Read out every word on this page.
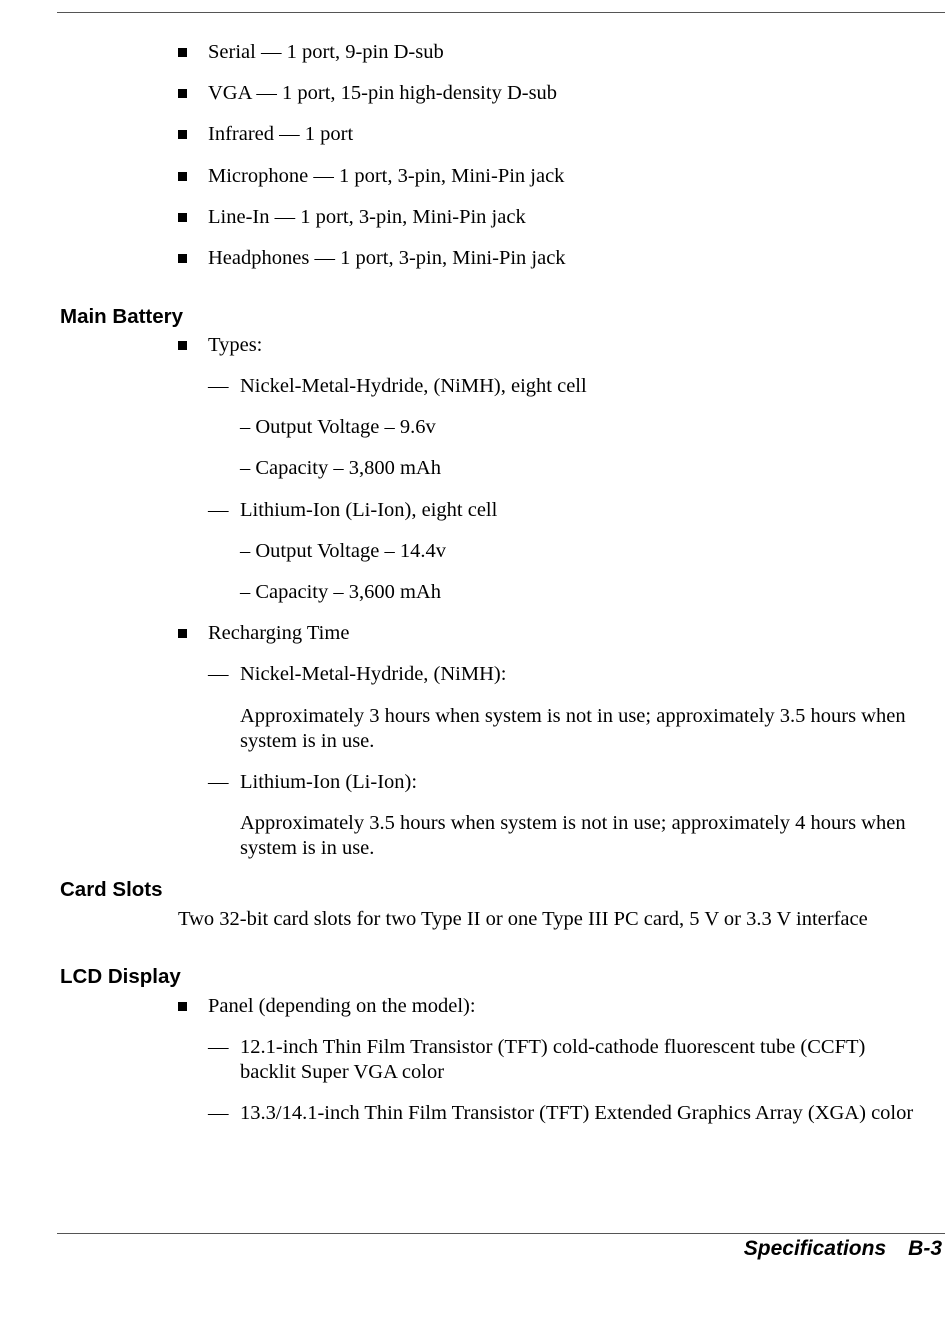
Serial — 1 port, 9-pin D-sub
VGA — 1 port, 15-pin high-density D-sub
Infrared — 1 port
Microphone — 1 port, 3-pin, Mini-Pin jack
Line-In — 1 port, 3-pin, Mini-Pin jack
Headphones — 1 port, 3-pin, Mini-Pin jack
Main Battery
Types:
— Nickel-Metal-Hydride, (NiMH), eight cell
– Output Voltage – 9.6v
– Capacity – 3,800 mAh
— Lithium-Ion (Li-Ion), eight cell
– Output Voltage – 14.4v
– Capacity – 3,600 mAh
Recharging Time
— Nickel-Metal-Hydride, (NiMH):
Approximately 3 hours when system is not in use; approximately 3.5 hours when system is in use.
— Lithium-Ion (Li-Ion):
Approximately 3.5 hours when system is not in use; approximately 4 hours when system is in use.
Card Slots
Two 32-bit card slots for two Type II or one Type III PC card, 5 V or 3.3 V interface
LCD Display
Panel (depending on the model):
— 12.1-inch Thin Film Transistor (TFT) cold-cathode fluorescent tube (CCFT) backlit Super VGA color
— 13.3/14.1-inch Thin Film Transistor (TFT) Extended Graphics Array (XGA) color
Specifications B-3
